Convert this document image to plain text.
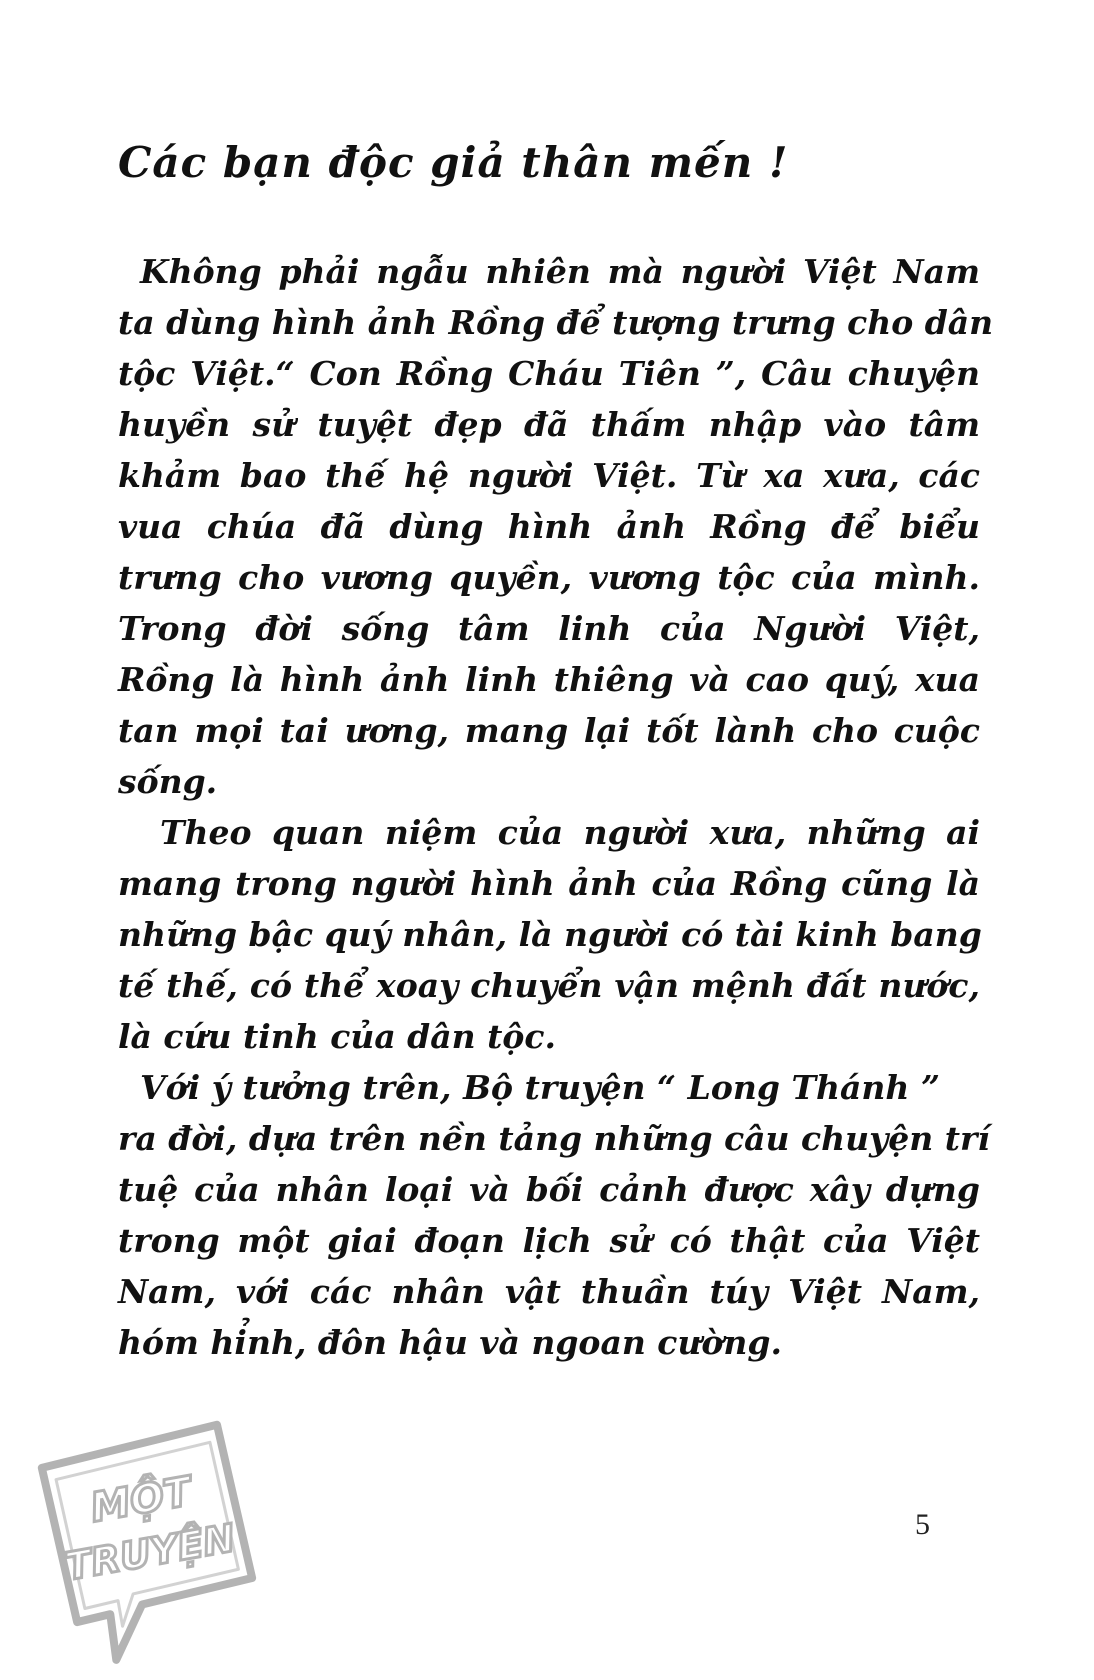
Các bạn độc giả thân mến !
Không phải ngẫu nhiên mà người Việt Nam
ta dùng hình ảnh Rồng để tượng trưng cho dân
tộc Việt.“ Con Rồng Cháu Tiên ”, Câu chuyện
huyền sử tuyệt đẹp đã thấm nhập vào tâm
khảm bao thế hệ người Việt. Từ xa xưa, các
vua chúa đã dùng hình ảnh Rồng để biểu
trưng cho vương quyền, vương tộc của mình.
Trong đời sống tâm linh của Người Việt,
Rồng là hình ảnh linh thiêng và cao quý, xua
tan mọi tai ương, mang lại tốt lành cho cuộc
sống.
Theo quan niệm của người xưa, những ai
mang trong người hình ảnh của Rồng cũng là
những bậc quý nhân, là người có tài kinh bang
tế thế, có thể xoay chuyển vận mệnh đất nước,
là cứu tinh của dân tộc.
Với ý tưởng trên, Bộ truyện “ Long Thánh ”
ra đời, dựa trên nền tảng những câu chuyện trí
tuệ của nhân loại và bối cảnh được xây dựng
trong một giai đoạn lịch sử có thật của Việt
Nam, với các nhân vật thuần túy Việt Nam,
hóm hỉnh, đôn hậu và ngoan cường.
5
MỘT
TRUYỆN
